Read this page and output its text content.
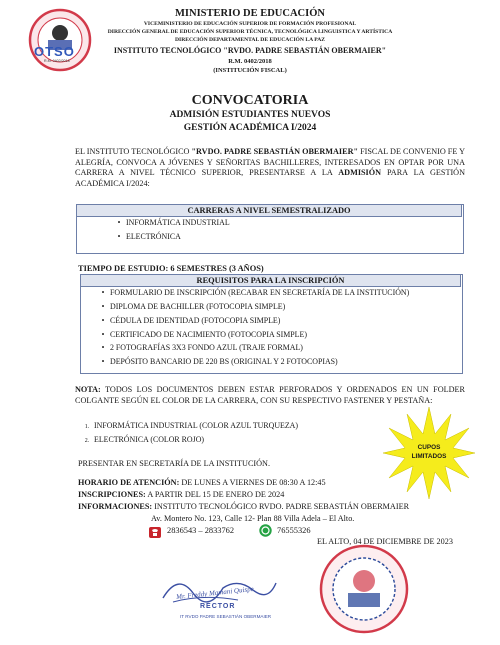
OTSO
R.M. 0402/2018
MINISTERIO DE EDUCACIÓN
VICEMINISTERIO DE EDUCACIÓN SUPERIOR DE FORMACIÓN PROFESIONAL
DIRECCIÓN GENERAL DE EDUCACIÓN SUPERIOR TÉCNICA, TECNOLÓGICA LINGUISTICA Y ARTÍSTICA
DIRECCIÓN DEPARTAMENTAL DE EDUCACIÓN LA PAZ
INSTITUTO TECNOLÓGICO "RVDO. PADRE SEBASTIÁN OBERMAIER"
R.M. 0402/2018
(INSTITUCIÓN FISCAL)
CONVOCATORIA
ADMISIÓN ESTUDIANTES NUEVOS
GESTIÓN ACADÉMICA I/2024
EL INSTITUTO TECNOLÓGICO "RVDO. PADRE SEBASTIÁN OBERMAIER" FISCAL DE CONVENIO FE Y ALEGRÍA, CONVOCA A JÓVENES Y SEÑORITAS BACHILLERES, INTERESADOS EN OPTAR POR UNA CARRERA A NIVEL TÉCNICO SUPERIOR, PRESENTARSE A LA ADMISIÓN PARA LA GESTIÓN ACADÉMICA I/2024:
CARRERAS A NIVEL SEMESTRALIZADO
• INFORMÁTICA INDUSTRIAL
• ELECTRÓNICA
TIEMPO DE ESTUDIO: 6 SEMESTRES (3 AÑOS)
REQUISITOS PARA LA INSCRIPCIÓN
• FORMULARIO DE INSCRIPCIÓN (RECABAR EN SECRETARÍA DE LA INSTITUCIÓN)
• DIPLOMA DE BACHILLER (FOTOCOPIA SIMPLE)
• CÉDULA DE IDENTIDAD (FOTOCOPIA SIMPLE)
• CERTIFICADO DE NACIMIENTO (FOTOCOPIA SIMPLE)
• 2 FOTOGRAFÍAS 3X3 FONDO AZUL (TRAJE FORMAL)
• DEPÓSITO BANCARIO DE 220 BS (ORIGINAL Y 2 FOTOCOPIAS)
NOTA: TODOS LOS DOCUMENTOS DEBEN ESTAR PERFORADOS Y ORDENADOS EN UN FOLDER COLGANTE SEGÚN EL COLOR DE LA CARRERA, CON SU RESPECTIVO FASTENER Y PESTAÑA:
1. INFORMÁTICA INDUSTRIAL (COLOR AZUL TURQUEZA)
2. ELECTRÓNICA (COLOR ROJO)
CUPOS
LIMITADOS
PRESENTAR EN SECRETARÍA DE LA INSTITUCIÓN.
HORARIO DE ATENCIÓN: DE LUNES A VIERNES DE 08:30 A 12:45
INSCRIPCIONES: A PARTIR DEL 15 DE ENERO DE 2024
INFORMACIONES: INSTITUTO TECNOLÓGICO RVDO. PADRE SEBASTIÁN OBERMAIER
Av. Montero No. 123, Calle 12- Plan 88 Villa Adela – El Alto.
2836543 – 2833762	76555326
EL ALTO, 04 DE DICIEMBRE DE 2023
Mr. Freddy Mamani Quispe
RECTOR
IT RVDO PADRE SEBASTIÁN OBERMAIER
